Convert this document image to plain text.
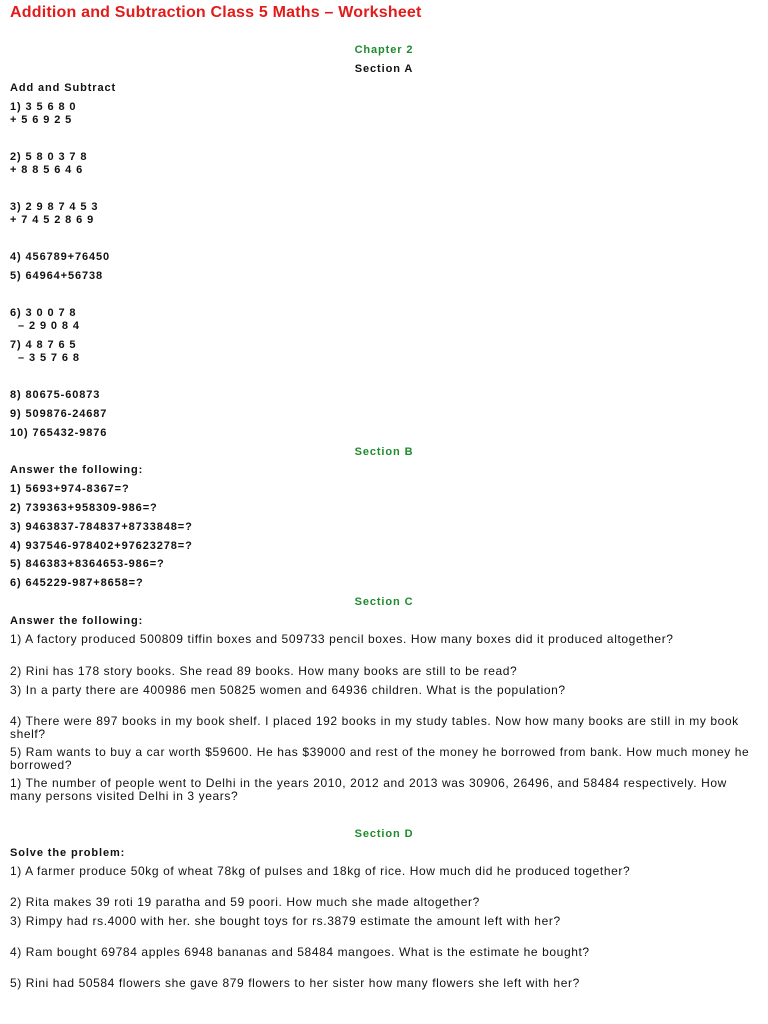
Addition and Subtraction Class 5 Maths – Worksheet

Chapter 2

Section A

Add and Subtract

1) 3 5 6 8 0

+ 5 6 9 2 5

2) 5 8 0 3 7 8

+ 8 8 5 6 4 6

3) 2 9 8 7 4 5 3

+ 7 4 5 2 8 6 9

4) 456789+76450

5) 64964+56738

6) 3 0 0 7 8

– 2 9 0 8 4

7) 4 8 7 6 5

– 3 5 7 6 8

8) 80675-60873

9) 509876-24687

10) 765432-9876

Section B

Answer the following:

1) 5693+974-8367=?

2) 739363+958309-986=?

3) 9463837-784837+8733848=?

4) 937546-978402+97623278=?

5) 846383+8364653-986=?

6) 645229-987+8658=?

Section C

Answer the following:

1) A factory produced 500809 tiffin boxes and 509733 pencil boxes. How many boxes did it produced altogether?

2) Rini has 178 story books. She read 89 books. How many books are still to be read?

3) In a party there are 400986 men 50825 women and 64936 children. What is the population?

4) There were 897 books in my book shelf. I placed 192 books in my study tables. Now how many books are still in my book shelf?

5) Ram wants to buy a car worth $59600. He has $39000 and rest of the money he borrowed from bank. How much money he borrowed?

1) The number of people went to Delhi in the years 2010, 2012 and 2013 was 30906, 26496, and 58484 respectively. How many persons visited Delhi in 3 years?

Section D

Solve the problem:

1) A farmer produce 50kg of wheat 78kg of pulses and 18kg of rice. How much did he produced together?

2) Rita makes 39 roti 19 paratha and 59 poori. How much she made altogether?

3) Rimpy had rs.4000 with her. she bought toys for rs.3879 estimate the amount left with her?

4) Ram bought 69784 apples 6948 bananas and 58484 mangoes. What is the estimate he bought?

5) Rini had 50584 flowers she gave 879 flowers to her sister how many flowers she left with her?
